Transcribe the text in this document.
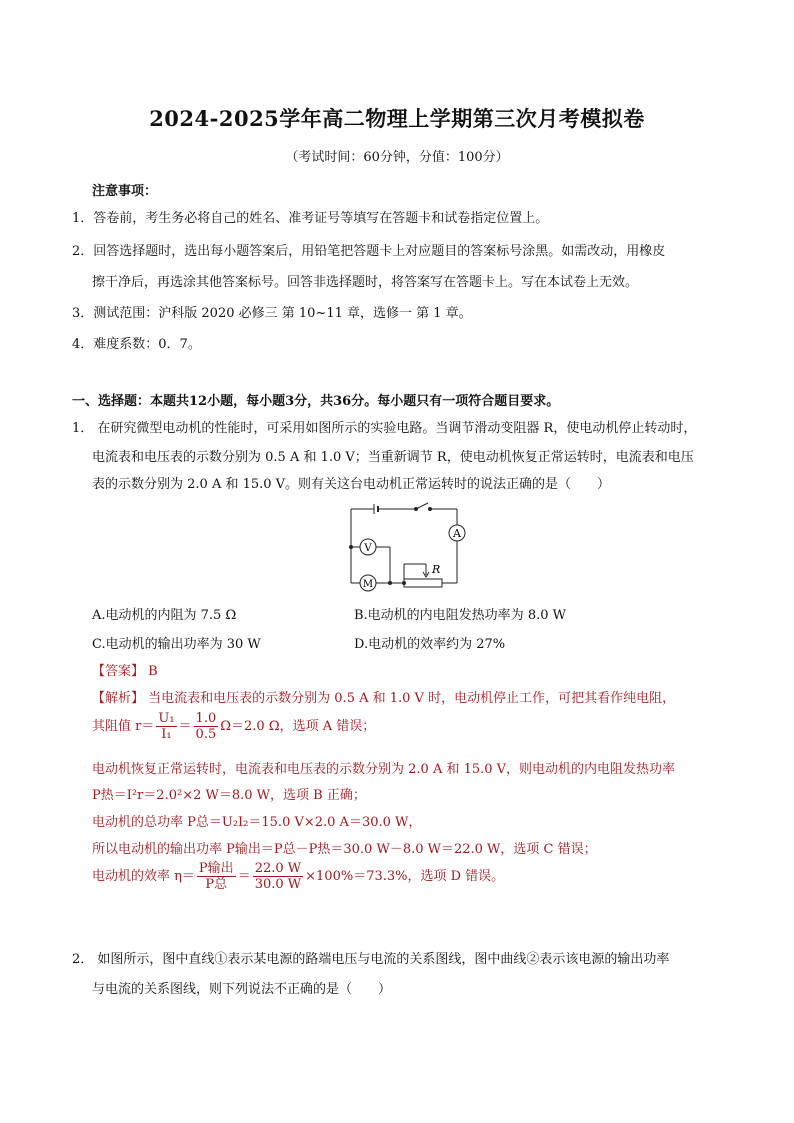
2024-2025学年高二物理上学期第三次月考模拟卷
（考试时间：60分钟，分值：100分）
注意事项：
1．答卷前，考生务必将自己的姓名、准考证号等填写在答题卡和试卷指定位置上。
2．回答选择题时，选出每小题答案后，用铅笔把答题卡上对应题目的答案标号涂黑。如需改动，用橡皮
擦干净后，再选涂其他答案标号。回答非选择题时，将答案写在答题卡上。写在本试卷上无效。
3．测试范围：沪科版 2020 必修三 第 10~11 章，选修一 第 1 章。
4．难度系数：0．7。
一、选择题：本题共12小题，每小题3分，共36分。每小题只有一项符合题目要求。
1． 在研究微型电动机的性能时，可采用如图所示的实验电路。当调节滑动变阻器 R，使电动机停止转动时，
电流表和电压表的示数分别为 0.5 A 和 1.0 V；当重新调节 R，使电动机恢复正常运转时，电流表和电压
表的示数分别为 2.0 A 和 15.0 V。则有关这台电动机正常运转时的说法正确的是（　　）
A
V
M
R
A.电动机的内阻为 7.5 Ω	B.电动机的内电阻发热功率为 8.0 W
C.电动机的输出功率为 30 W	D.电动机的效率约为 27%
【答案】 B
【解析】 当电流表和电压表的示数分别为 0.5 A 和 1.0 V 时，电动机停止工作，可把其看作纯电阻，
其阻值 $r= \frac{\text{U₁}}{\text{I₁}} = \frac{1.0}{0.5} \Omega=2.0$ Ω，选项 A 错误；
电动机恢复正常运转时，电流表和电压表的示数分别为 2.0 A 和 15.0 V，则电动机的内电阻发热功率
P热＝I²r＝2.0²×2 W＝8.0 W，选项 B 正确；
电动机的总功率 P总＝U₂I₂＝15.0 V×2.0 A＝30.0 W，
所以电动机的输出功率 P输出＝P总－P热＝30.0 W－8.0 W＝22.0 W，选项 C 错误；
电动机的效率 $\eta= \frac{\text{P输出}}{\text{P总}} = \frac{22.0 W}{30.0 W} \times 100\%=73.3\%$，选项 D 错误。
2． 如图所示，图中直线①表示某电源的路端电压与电流的关系图线，图中曲线②表示该电源的输出功率
与电流的关系图线，则下列说法不正确的是（　　）
